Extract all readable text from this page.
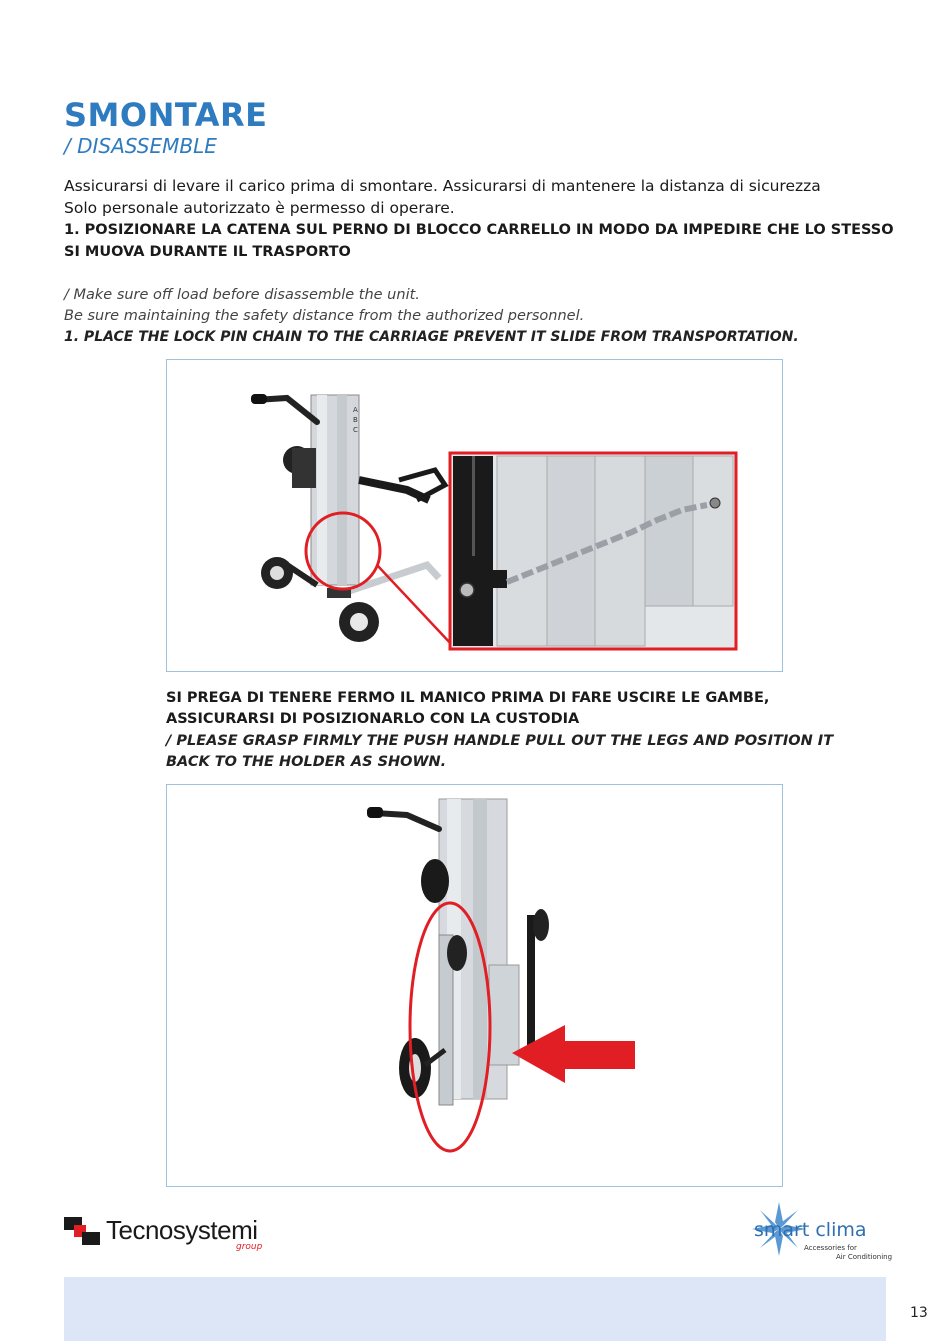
SMONTARE
/ DISASSEMBLE
Assicurarsi di levare il carico prima di smontare. Assicurarsi di mantenere la distanza di sicurezza
Solo personale autorizzato è permesso di operare.
1. POSIZIONARE LA CATENA SUL PERNO DI BLOCCO CARRELLO IN MODO DA IMPEDIRE CHE LO STESSO
SI MUOVA DURANTE IL TRASPORTO
/ Make sure off load before disassemble the unit.
Be sure maintaining the safety distance from the authorized personnel.
1. PLACE THE LOCK PIN CHAIN TO THE CARRIAGE PREVENT IT SLIDE FROM TRANSPORTATION.
A
B
C
SI PREGA DI TENERE FERMO IL MANICO PRIMA DI FARE USCIRE LE GAMBE,
ASSICURARSI DI POSIZIONARLO CON LA CUSTODIA
/ PLEASE GRASP FIRMLY THE PUSH HANDLE PULL OUT THE LEGS AND POSITION IT
BACK TO THE HOLDER AS SHOWN.
Tecnosystemi
group
smart clima
Accessories for
Air Conditioning
13
